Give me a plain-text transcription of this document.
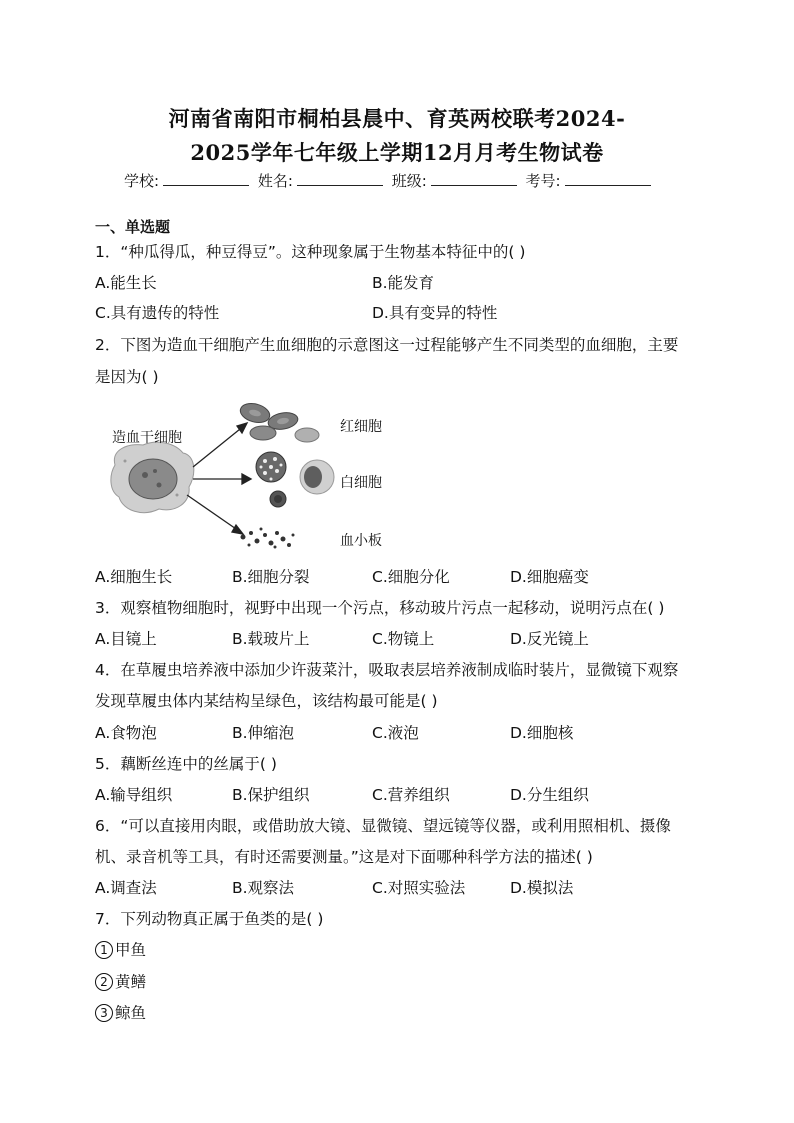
河南省南阳市桐柏县晨中、育英两校联考2024-
2025学年七年级上学期12月月考生物试卷
学校:	姓名:	班级:	考号:
一、单选题
1．“种瓜得瓜，种豆得豆”。这种现象属于生物基本特征中的( )
A.能生长	B.能发育
C.具有遗传的特性	D.具有变异的特性
2．下图为造血干细胞产生血细胞的示意图这一过程能够产生不同类型的血细胞，主要
是因为( )
造血干细胞
红细胞
白细胞
血小板
A.细胞生长	B.细胞分裂	C.细胞分化	D.细胞癌变
3．观察植物细胞时，视野中出现一个污点，移动玻片污点一起移动，说明污点在( )
A.目镜上	B.载玻片上	C.物镜上	D.反光镜上
4．在草履虫培养液中添加少许菠菜汁，吸取表层培养液制成临时装片，显微镜下观察
发现草履虫体内某结构呈绿色，该结构最可能是( )
A.食物泡	B.伸缩泡	C.液泡	D.细胞核
5．藕断丝连中的丝属于( )
A.输导组织	B.保护组织	C.营养组织	D.分生组织
6．“可以直接用肉眼，或借助放大镜、显微镜、望远镜等仪器，或利用照相机、摄像
机、录音机等工具，有时还需要测量。”这是对下面哪种科学方法的描述( )
A.调查法	B.观察法	C.对照实验法	D.模拟法
7．下列动物真正属于鱼类的是( )
1 甲鱼
2 黄鳝
3 鲸鱼
